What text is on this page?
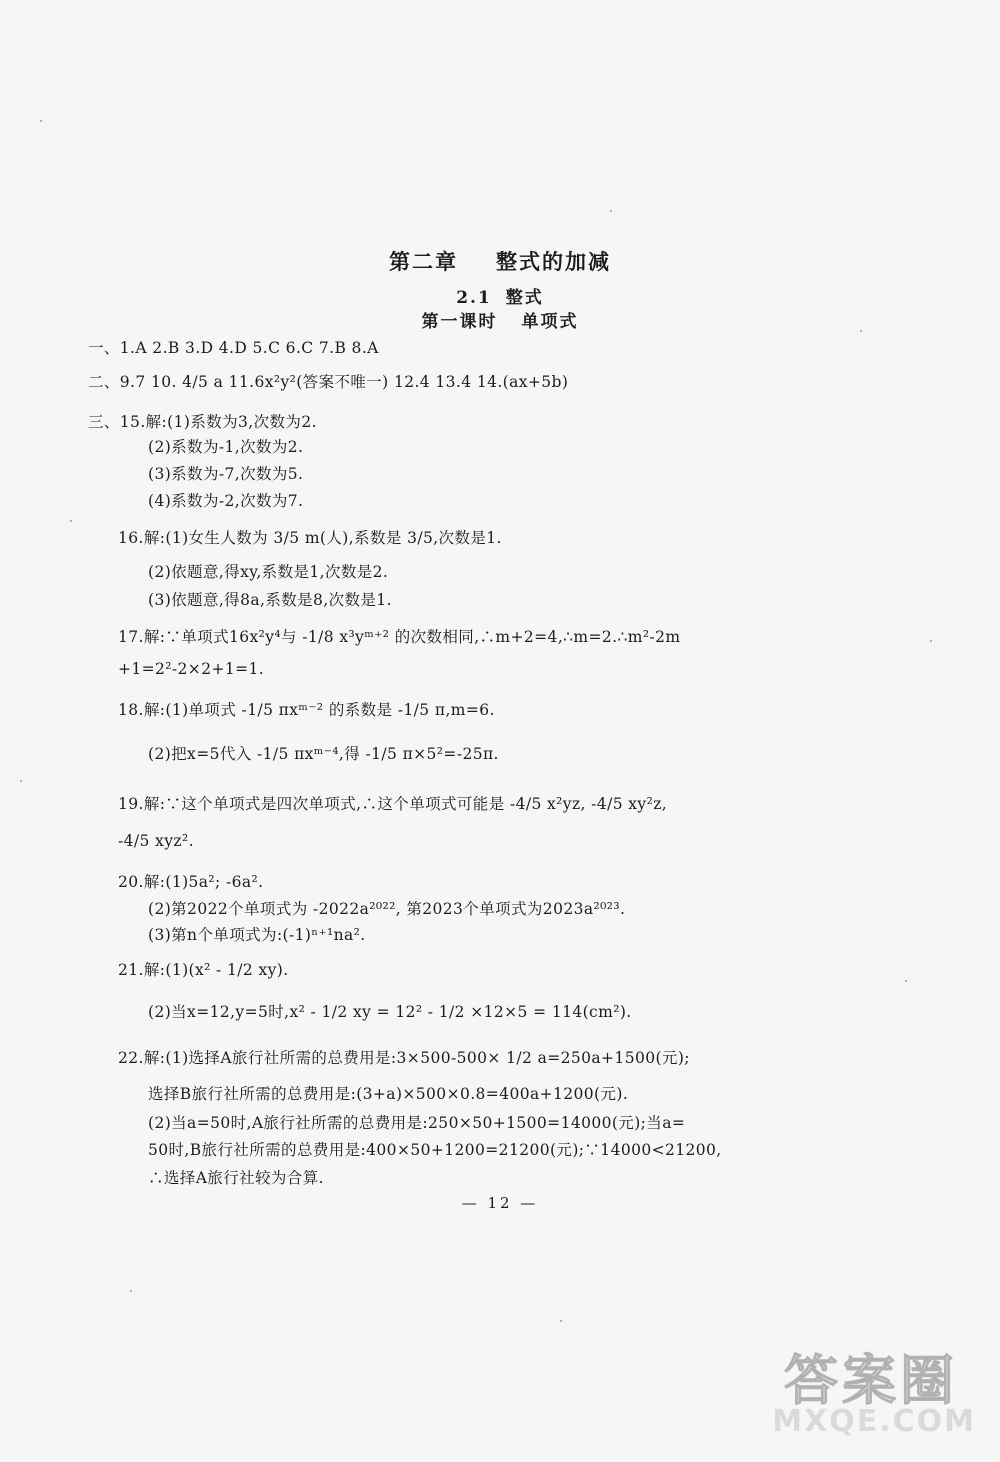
第二章 整式的加减
2.1 整式
第一课时 单项式
一、1.A 2.B 3.D 4.D 5.C 6.C 7.B 8.A
二、9.7 10. 4/5 a 11.6x²y²(答案不唯一) 12.4 13.4 14.(ax+5b)
三、15.解:(1)系数为3,次数为2.
(2)系数为-1,次数为2.
(3)系数为-7,次数为5.
(4)系数为-2,次数为7.
16.解:(1)女生人数为 3/5 m(人),系数是 3/5,次数是1.
(2)依题意,得xy,系数是1,次数是2.
(3)依题意,得8a,系数是8,次数是1.
17.解:∵单项式16x²y⁴与 -1/8 x³yᵐ⁺² 的次数相同,∴m+2=4,∴m=2.∴m²-2m
+1=2²-2×2+1=1.
18.解:(1)单项式 -1/5 πxᵐ⁻² 的系数是 -1/5 π,m=6.
(2)把x=5代入 -1/5 πxᵐ⁻⁴,得 -1/5 π×5²=-25π.
19.解:∵这个单项式是四次单项式,∴这个单项式可能是 -4/5 x²yz, -4/5 xy²z,
-4/5 xyz².
20.解:(1)5a²; -6a².
(2)第2022个单项式为 -2022a²⁰²², 第2023个单项式为2023a²⁰²³.
(3)第n个单项式为:(-1)ⁿ⁺¹na².
21.解:(1)(x² - 1/2 xy).
(2)当x=12,y=5时,x² - 1/2 xy = 12² - 1/2 ×12×5 = 114(cm²).
22.解:(1)选择A旅行社所需的总费用是:3×500-500× 1/2 a=250a+1500(元);
选择B旅行社所需的总费用是:(3+a)×500×0.8=400a+1200(元).
(2)当a=50时,A旅行社所需的总费用是:250×50+1500=14000(元);当a=
50时,B旅行社所需的总费用是:400×50+1200=21200(元);∵14000<21200,
∴选择A旅行社较为合算.
— 12 —
答案圈
MXQE.COM
